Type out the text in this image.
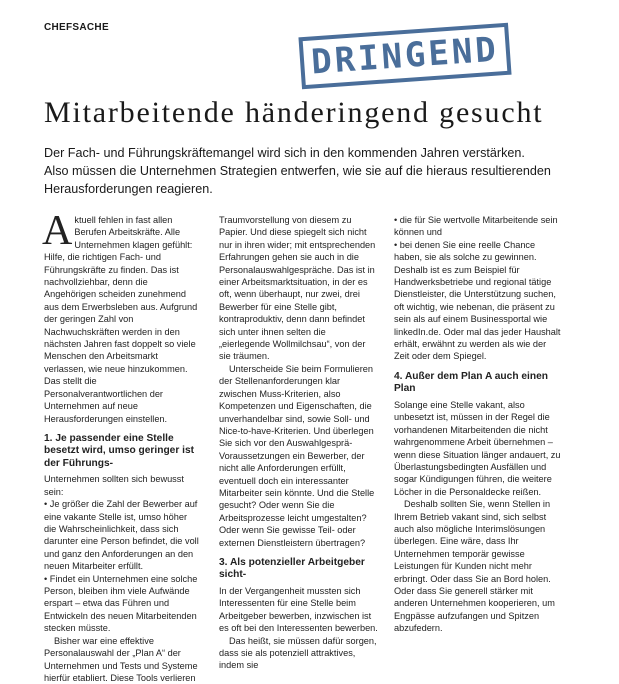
CHEFSACHE
DRINGEND
Mitarbeitende händeringend gesucht

Der Fach- und Führungskräftemangel wird sich in den kommenden Jahren verstärken.

Also müssen die Unternehmen Strategien entwerfen, wie sie auf die hieraus resultierenden Herausforderungen reagieren.

Aktuell fehlen in fast allen Berufen Arbeitskräfte. Alle Unternehmen klagen gefühlt: Hilfe, die richtigen Fach- und Führungskräfte zu finden. Das ist nachvollziehbar, denn die Angehörigen scheiden zunehmend aus dem Erwerbsleben aus. Aufgrund der geringen Zahl von Nachwuchskräften werden in den nächsten Jahren fast doppelt so viele Menschen den Arbeitsmarkt verlassen, wie neue hinzukommen. Das stellt die Personalverantwortlichen der Unternehmen auf neue Herausforderungen einstellen.

1. Je passender eine Stelle besetzt wird, umso geringer ist der Führungs-

Unternehmen sollten sich bewusst sein:

• Je größer die Zahl der Bewerber auf eine vakante Stelle ist, umso höher die Wahrscheinlichkeit, dass sich darunter eine Person befindet, die voll und ganz den Anforderungen an den neuen Mitarbeiter erfüllt.

• Findet ein Unternehmen eine solche Person, bleiben ihm viele Aufwände erspart – etwa das Führen und Entwickeln des neuen Mitarbeitenden stecken müsste.

Bisher war eine effektive Personalauswahl der „Plan A“ der Unternehmen und Tests und Systeme hierfür etabliert. Diese Tools verlieren

Traumvorstellung von diesem zu Papier. Und diese spiegelt sich nicht nur in ihren wider; mit entsprechenden Erfahrungen gehen sie auch in die Personalauswahlgespräche. Das ist in einer Arbeitsmarktsituation, in der es oft, wenn überhaupt, nur zwei, drei Bewerber für eine Stelle gibt, kontraproduktiv, denn dann befindet sich unter ihnen selten die „eierlegende Wollmilchsau“, von der sie träumen.

Unterscheide Sie beim Formulieren der Stellenanforderungen klar zwischen Muss-Kriterien, also Kompetenzen und Eigenschaften, die unverhandelbar sind, sowie Soll- und Nice-to-have-Kriterien. Und überlegen Sie sich vor den Auswahlgesprä- Voraussetzungen ein Bewerber, der nicht alle Anforderungen erfüllt, eventuell doch ein interessanter Mitarbeiter sein könnte. Und die Stelle gesucht? Oder wenn Sie die Arbeitsprozesse leicht umgestalten? Oder wenn Sie gewisse Teil- oder externen Dienstleistern übertragen?

3. Als potenzieller Arbeitgeber sicht-

In der Vergangenheit mussten sich Interessenten für eine Stelle beim Arbeitgeber bewerben, inzwischen ist es oft bei den Interessenten bewerben.

Das heißt, sie müssen dafür sorgen, dass sie als potenziell attraktives, indem sie

• die für Sie wertvolle Mitarbeitende sein können und

• bei denen Sie eine reelle Chance haben, sie als solche zu gewinnen.

Deshalb ist es zum Beispiel für Handwerksbetriebe und regional tätige Dienstleister, die Unterstützung suchen, oft wichtig, wie nebenan, die präsent zu sein als auf einem Businessportal wie linkedIn.de. Oder mal das jeder Haushalt erhält, erwähnt zu werden als wie der Zeit oder dem Spiegel.

4. Außer dem Plan A auch einen Plan

Solange eine Stelle vakant, also unbesetzt ist, müssen in der Regel die vorhandenen Mitarbeitenden die nicht wahrgenommene Arbeit übernehmen – wenn diese Situation länger andauert, zu Überlastungsbedingten Ausfällen und sogar Kündigungen führen, die weitere Löcher in die Personaldecke reißen.

Deshalb sollten Sie, wenn Stellen in Ihrem Betrieb vakant sind, sich selbst auch also mögliche Interimslösungen überlegen. Eine wäre, dass Ihr Unternehmen temporär gewisse Leistungen für Kunden nicht mehr erbringt. Oder dass Sie an Bord holen. Oder dass Sie generell stärker mit anderen Unternehmen kooperieren, um Engpässe aufzufangen und Spitzen abzufedern.
